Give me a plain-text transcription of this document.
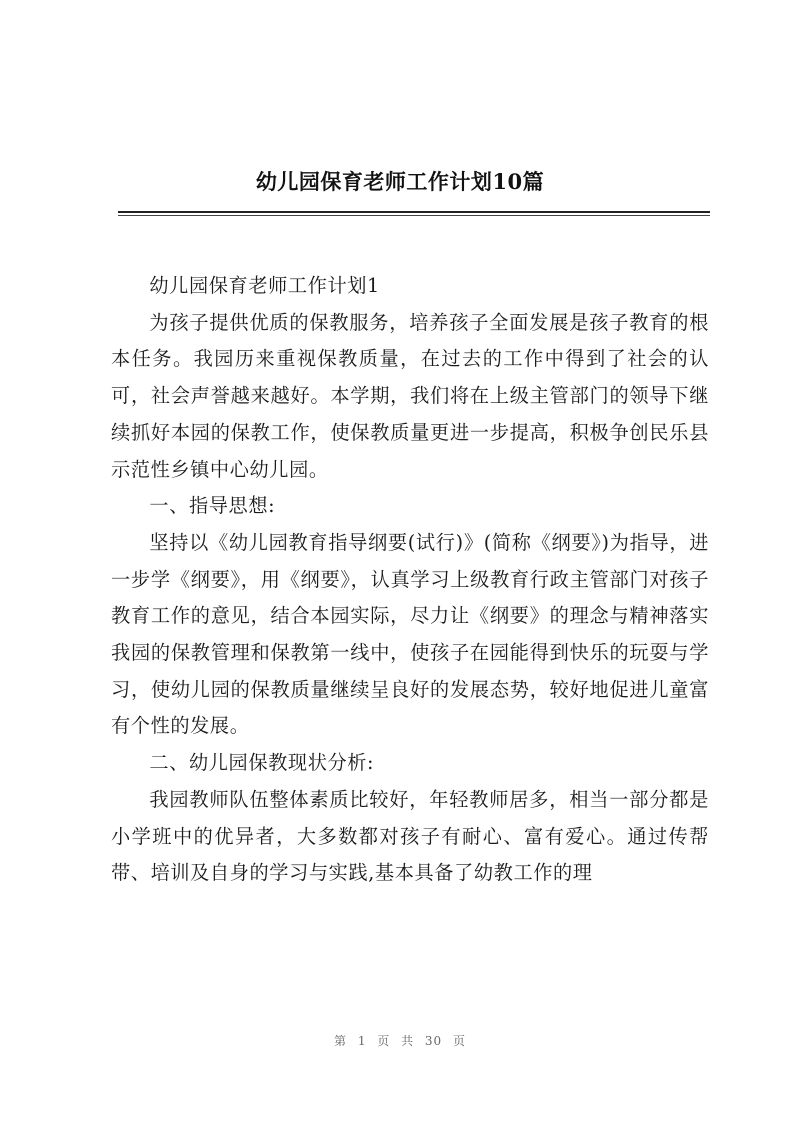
幼儿园保育老师工作计划10篇

幼儿园保育老师工作计划1

为孩子提供优质的保教服务，培养孩子全面发展是孩子教育的根本任务。我园历来重视保教质量，在过去的工作中得到了社会的认可，社会声誉越来越好。本学期，我们将在上级主管部门的领导下继续抓好本园的保教工作，使保教质量更进一步提高，积极争创民乐县示范性乡镇中心幼儿园。

一、指导思想:

坚持以《幼儿园教育指导纲要(试行)》(简称《纲要》)为指导，进一步学《纲要》，用《纲要》，认真学习上级教育行政主管部门对孩子教育工作的意见，结合本园实际，尽力让《纲要》的理念与精神落实我园的保教管理和保教第一线中，使孩子在园能得到快乐的玩耍与学习，使幼儿园的保教质量继续呈良好的发展态势，较好地促进儿童富有个性的发展。

二、幼儿园保教现状分析:

我园教师队伍整体素质比较好，年轻教师居多，相当一部分都是小学班中的优异者，大多数都对孩子有耐心、富有爱心。通过传帮带、培训及自身的学习与实践,基本具备了幼教工作的理

第 1 页 共 30 页
